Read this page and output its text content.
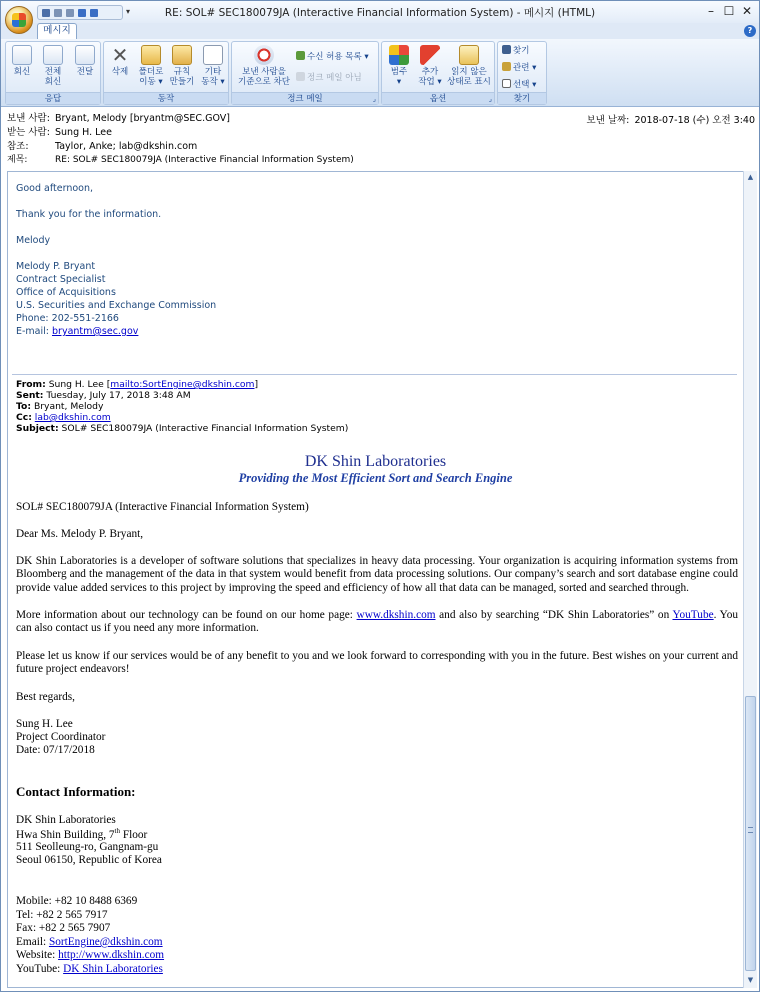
RE: SOL# SEC180079JA (Interactive Financial Information System) - 메시지 (HTML)
▾	– ☐ ✕
메시지	?
회신	전체
회신
전달
응답
✕
삭제	폴더로
이동 ▾
규칙
만들기
기타
동작 ▾
동작
보낸 사람을
기준으로 차단
수신 허용 목록 ▾
정크 메일 아님
정크 메일	⌟
범주
▾
추가
작업 ▾
읽지 않은
상태로 표시
옵션	⌟
찾기
관련 ▾
선택 ▾
찾기
보낸 사람: Bryant, Melody [bryantm@SEC.GOV]
받는 사람: Sung H. Lee
참조:	Taylor, Anke; lab@dkshin.com
제목:	RE: SOL# SEC180079JA (Interactive Financial Information System)
보낸 날짜: 2018-07-18 (수) 오전 3:40
Good afternoon,
Thank you for the information.
Melody
Melody P. Bryant
Contract Specialist
Office of Acquisitions
U.S. Securities and Exchange Commission
Phone: 202-551-2166
E-mail: bryantm@sec.gov
From: Sung H. Lee [mailto:SortEngine@dkshin.com]
Sent: Tuesday, July 17, 2018 3:48 AM
To: Bryant, Melody
Cc: lab@dkshin.com
Subject: SOL# SEC180079JA (Interactive Financial Information System)
DK Shin Laboratories
Providing the Most Efficient Sort and Search Engine
SOL# SEC180079JA (Interactive Financial Information System)
Dear Ms. Melody P. Bryant,
DK Shin Laboratories is a developer of software solutions that specializes in heavy data processing. Your organization is acquiring information systems from Bloomberg and the management of the data in that system would benefit from data processing solutions. Our company’s search and sort database engine could provide value added services to this project by improving the speed and efficiency of how all that data can be managed, sorted and searched through.
More information about our technology can be found on our home page: www.dkshin.com and also by searching “DK Shin Laboratories” on YouTube. You can also contact us if you need any more information.
Please let us know if our services would be of any benefit to you and we look forward to corresponding with you in the future. Best wishes on your current and future project endeavors!
Best regards,
Sung H. Lee
Project Coordinator
Date: 07/17/2018
Contact Information:
DK Shin Laboratories
Hwa Shin Building, 7th Floor
511 Seolleung-ro, Gangnam-gu
Seoul 06150, Republic of Korea
Mobile: +82 10 8488 6369
Tel: +82 2 565 7917
Fax: +82 2 565 7907
Email: SortEngine@dkshin.com
Website: http://www.dkshin.com
YouTube: DK Shin Laboratories
▲
▼
